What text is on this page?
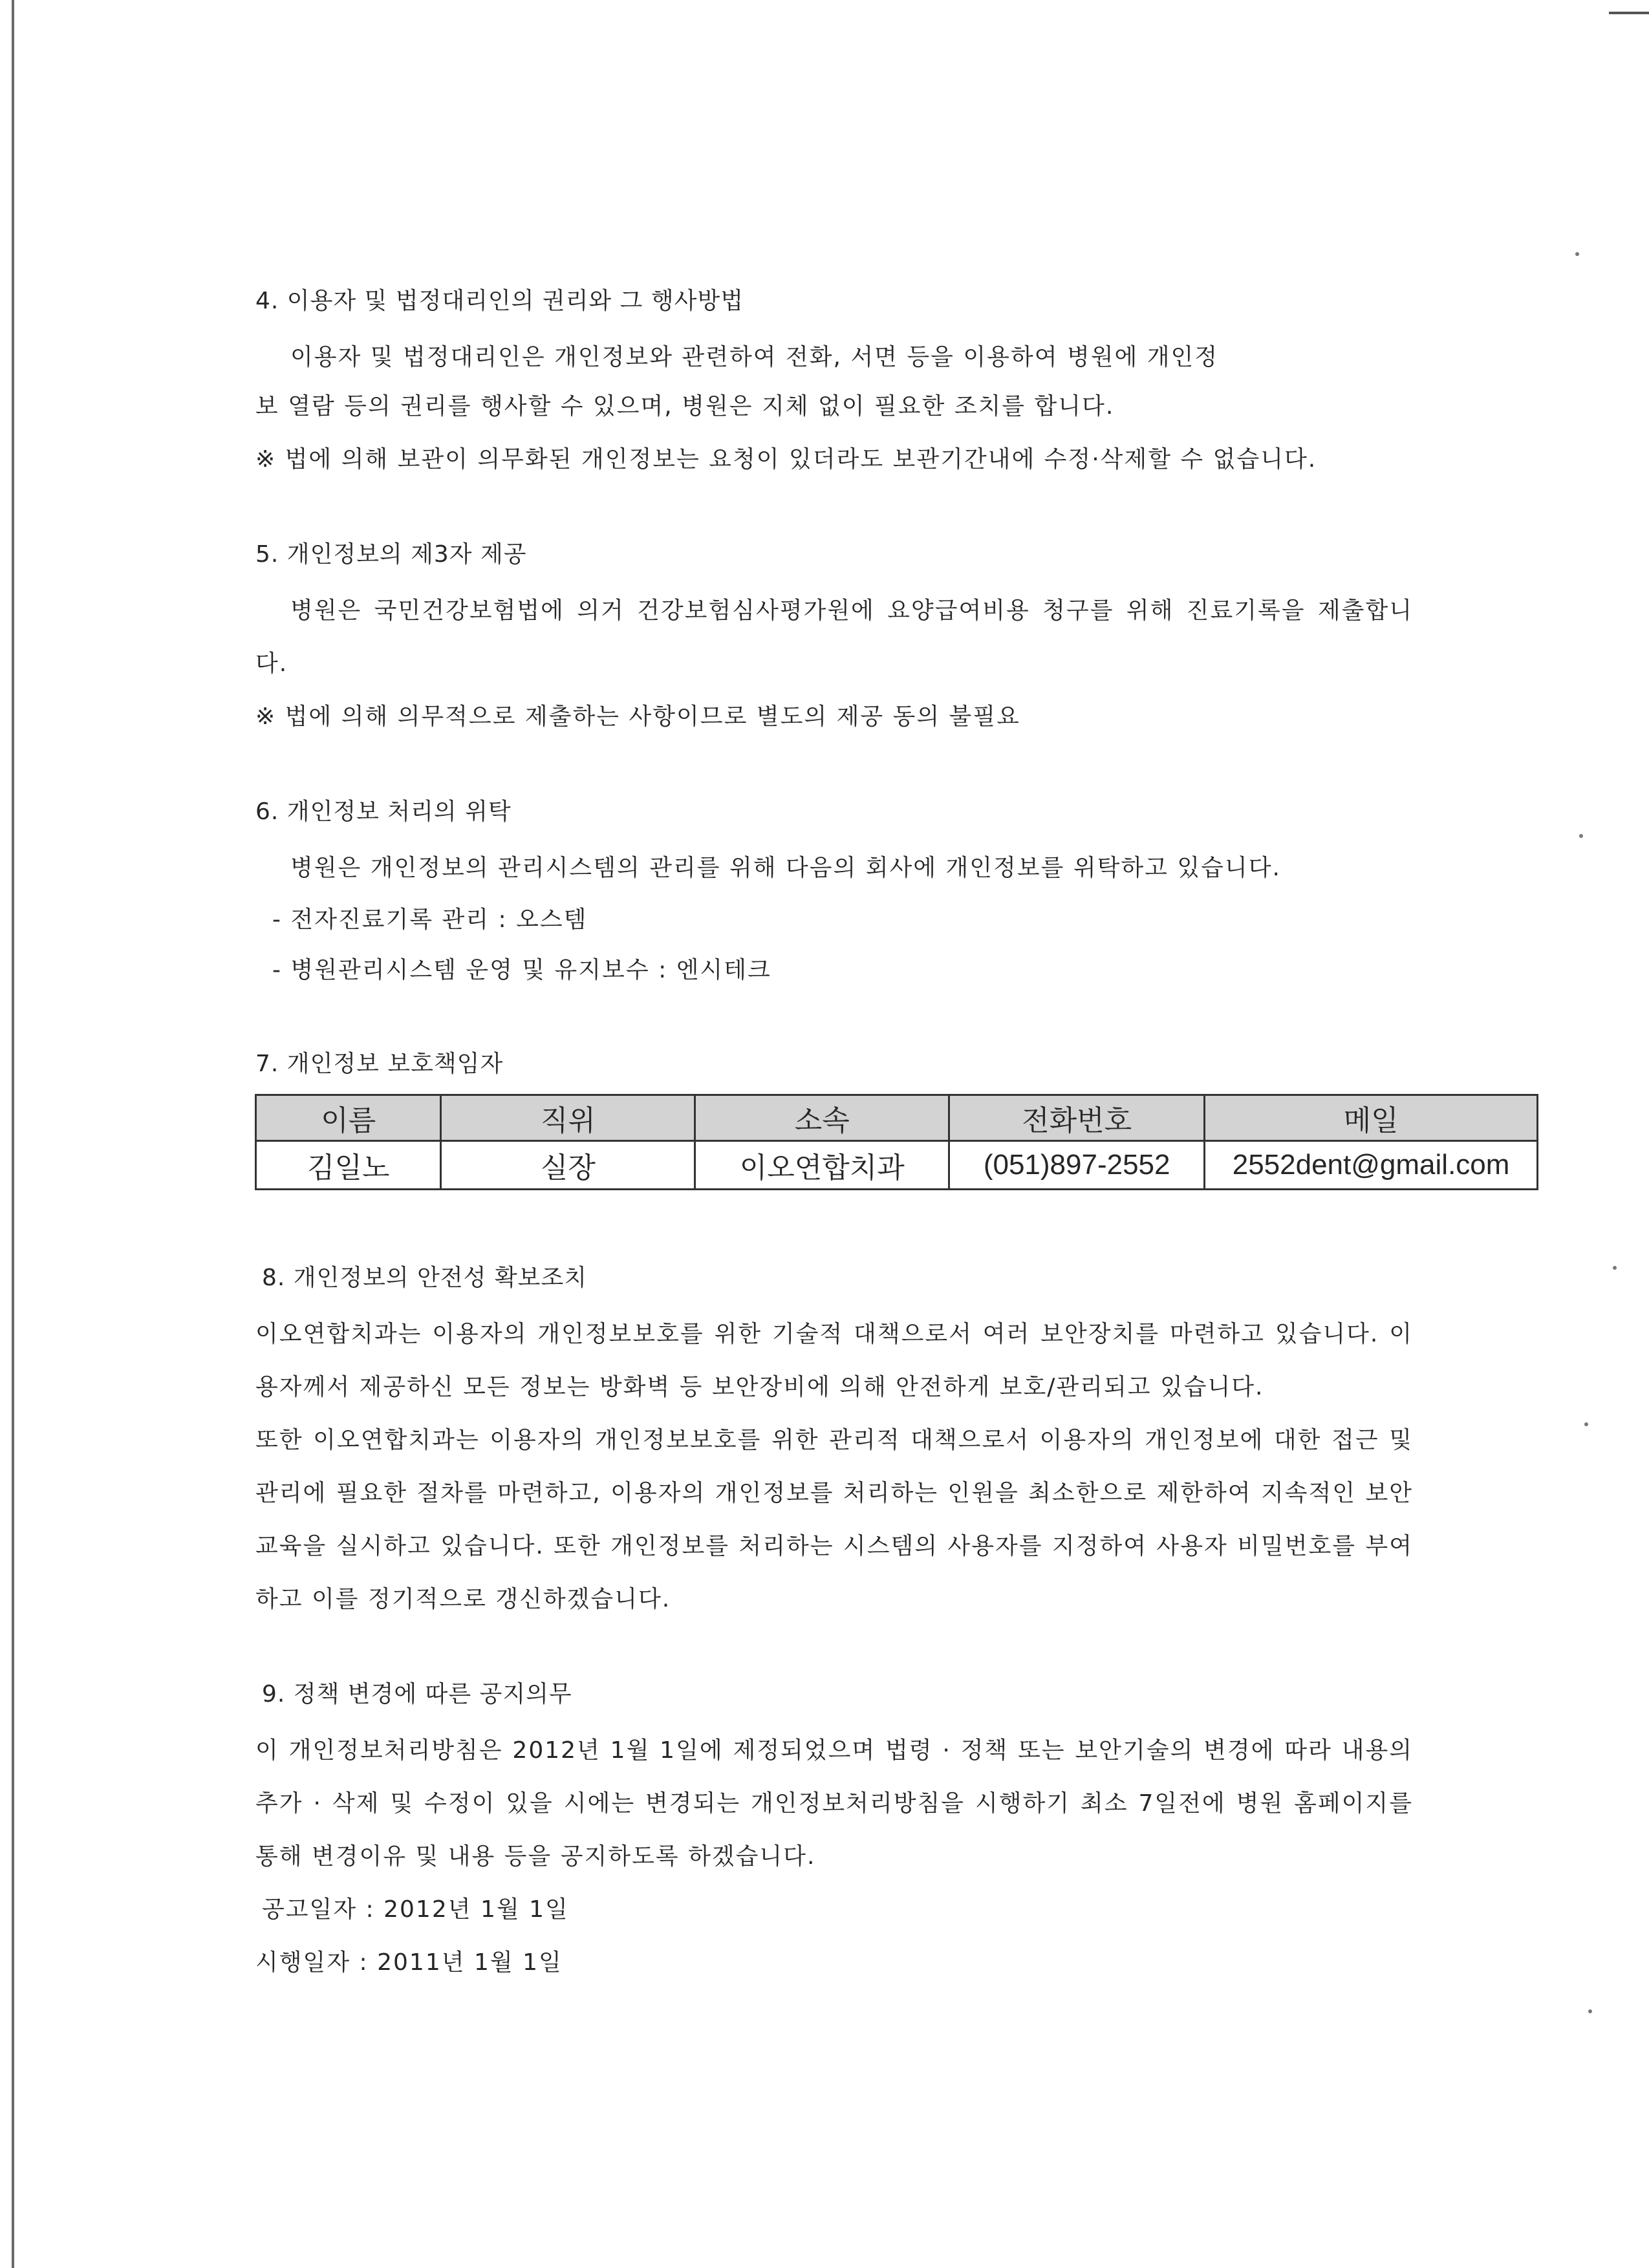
4. 이용자 및 법정대리인의 권리와 그 행사방법

이용자 및 법정대리인은 개인정보와 관련하여 전화, 서면 등을 이용하여 병원에 개인정

보 열람 등의 권리를 행사할 수 있으며, 병원은 지체 없이 필요한 조치를 합니다.

※ 법에 의해 보관이 의무화된 개인정보는 요청이 있더라도 보관기간내에 수정·삭제할 수 없습니다.

5. 개인정보의 제3자 제공

병원은 국민건강보험법에 의거 건강보험심사평가원에 요양급여비용 청구를 위해 진료기록을 제출합니다.

※ 법에 의해 의무적으로 제출하는 사항이므로 별도의 제공 동의 불필요

6. 개인정보 처리의 위탁

병원은 개인정보의 관리시스템의 관리를 위해 다음의 회사에 개인정보를 위탁하고 있습니다.

- 전자진료기록 관리 : 오스템

- 병원관리시스템 운영 및 유지보수 : 엔시테크

7. 개인정보 보호책임자

이름	직위	소속	전화번호	메일
김일노	실장	이오연합치과	(051)897-2552	2552dent@gmail.com

8. 개인정보의 안전성 확보조치

이오연합치과는 이용자의 개인정보보호를 위한 기술적 대책으로서 여러 보안장치를 마련하고 있습니다. 이용자께서 제공하신 모든 정보는 방화벽 등 보안장비에 의해 안전하게 보호/관리되고 있습니다.

또한 이오연합치과는 이용자의 개인정보보호를 위한 관리적 대책으로서 이용자의 개인정보에 대한 접근 및 관리에 필요한 절차를 마련하고, 이용자의 개인정보를 처리하는 인원을 최소한으로 제한하여 지속적인 보안교육을 실시하고 있습니다. 또한 개인정보를 처리하는 시스템의 사용자를 지정하여 사용자 비밀번호를 부여하고 이를 정기적으로 갱신하겠습니다.

9. 정책 변경에 따른 공지의무

이 개인정보처리방침은 2012년 1월 1일에 제정되었으며 법령 · 정책 또는 보안기술의 변경에 따라 내용의 추가 · 삭제 및 수정이 있을 시에는 변경되는 개인정보처리방침을 시행하기 최소 7일전에 병원 홈페이지를 통해 변경이유 및 내용 등을 공지하도록 하겠습니다.

공고일자 : 2012년 1월 1일

시행일자 : 2011년 1월 1일
